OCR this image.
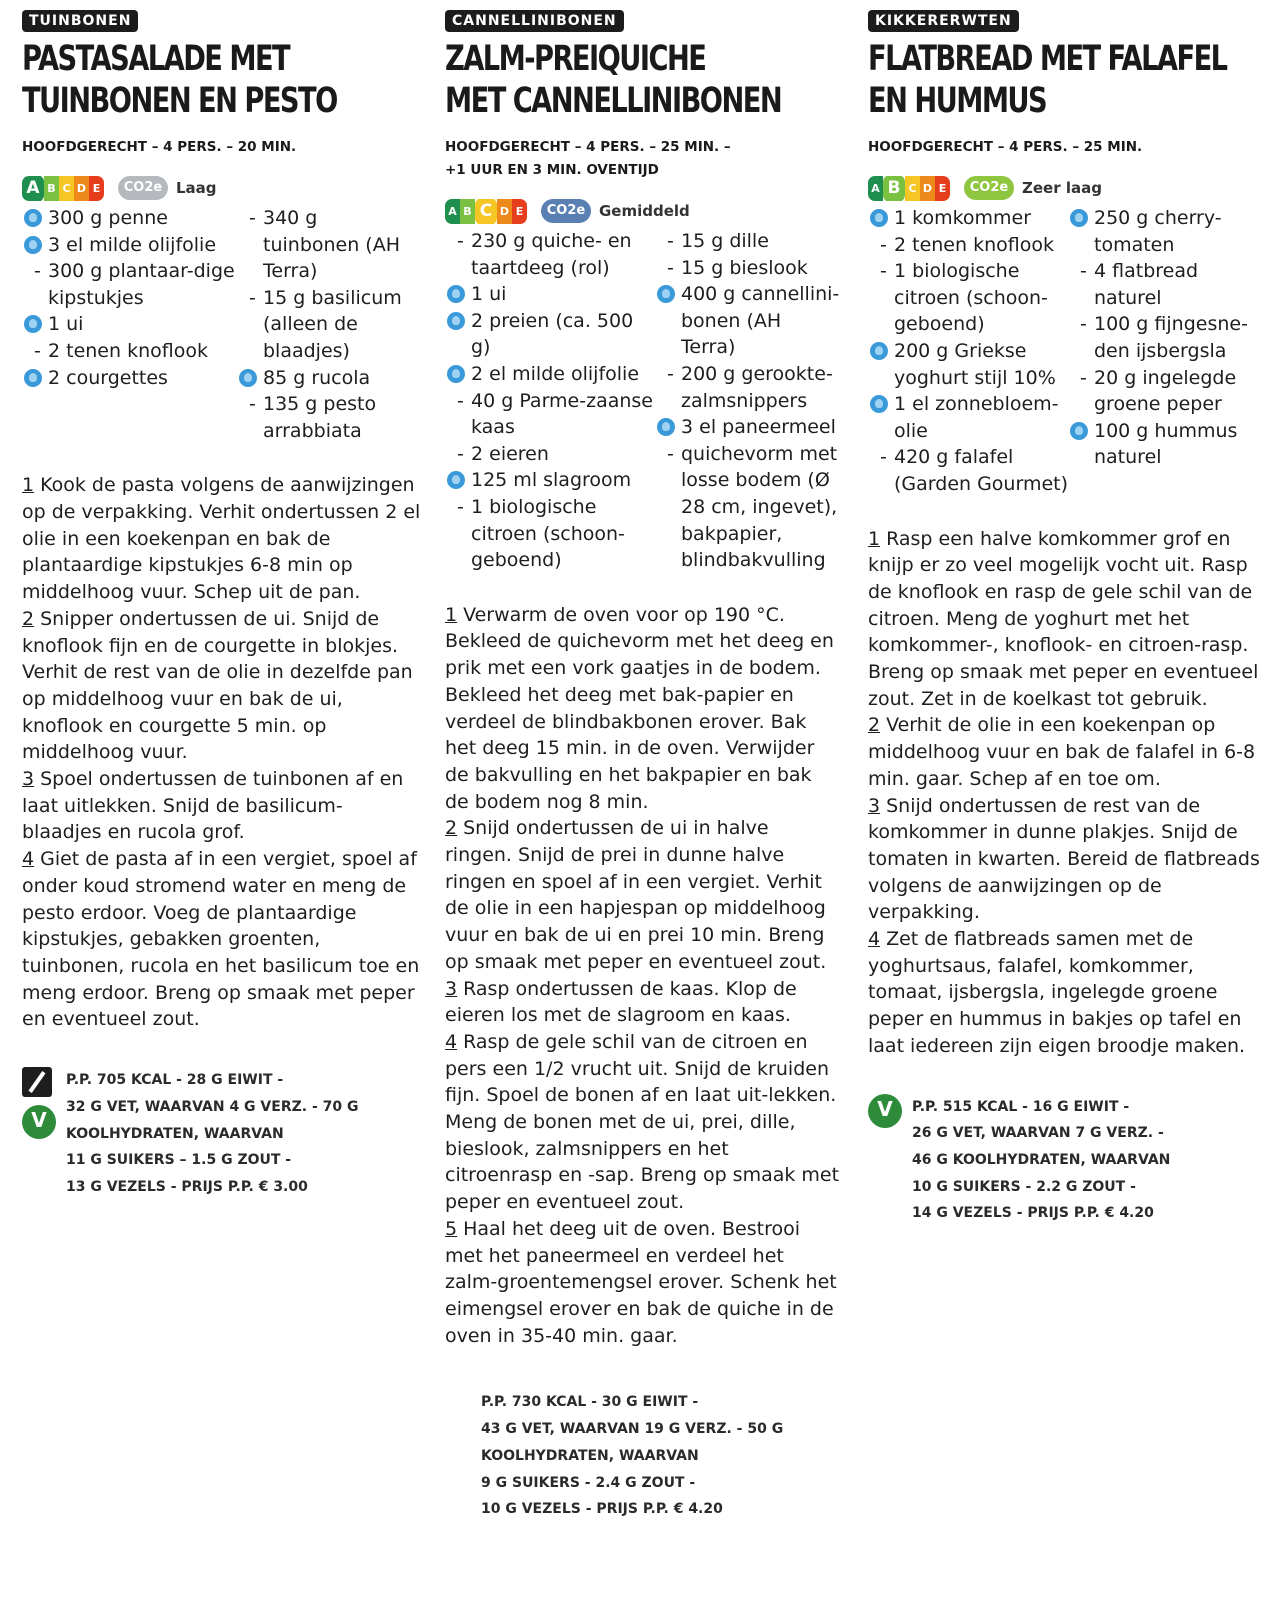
TUINBONEN
PASTASALADE MET
TUINBONEN EN PESTO
HOOFDGERECHT – 4 PERS. – 20 MIN.
A B C D E	CO2e Laag
300 g penne
3 el milde olijfolie
- 300 g plantaar-dige kipstukjes
1 ui
- 2 tenen knoflook
2 courgettes
- 340 g tuinbonen (AH Terra)
- 15 g basilicum (alleen de blaadjes)
85 g rucola
- 135 g pesto arrabbiata

1 Kook de pasta volgens de aanwijzingen op de verpakking. Verhit ondertussen 2 el olie in een koekenpan en bak de plantaardige kipstukjes 6-8 min op middelhoog vuur. Schep uit de pan.

2 Snipper ondertussen de ui. Snijd de knoflook fijn en de courgette in blokjes. Verhit de rest van de olie in dezelfde pan op middelhoog vuur en bak de ui, knoflook en courgette 5 min. op middelhoog vuur.

3 Spoel ondertussen de tuinbonen af en laat uitlekken. Snijd de basilicum-blaadjes en rucola grof.

4 Giet de pasta af in een vergiet, spoel af onder koud stromend water en meng de pesto erdoor. Voeg de plantaardige kipstukjes, gebakken groenten, tuinbonen, rucola en het basilicum toe en meng erdoor. Breng op smaak met peper en eventueel zout.

V

P.P. 705 KCAL - 28 G EIWIT -

32 G VET, WAARVAN 4 G VERZ. - 70 G

KOOLHYDRATEN, WAARVAN

11 G SUIKERS – 1.5 G ZOUT -

13 G VEZELS - PRIJS P.P. € 3.00

CANNELLINIBONEN
ZALM-PREIQUICHE
MET CANNELLINIBONEN
HOOFDGERECHT – 4 PERS. – 25 MIN. –
+1 UUR EN 3 MIN. OVENTIJD
A B C D E	CO2e Gemiddeld
- 230 g quiche- en taartdeeg (rol)
1 ui
2 preien (ca. 500 g)
2 el milde olijfolie
- 40 g Parme-zaanse kaas
- 2 eieren
125 ml slagroom
- 1 biologische citroen (schoon-geboend)
- 15 g dille
- 15 g bieslook
400 g cannellini-bonen (AH Terra)
- 200 g gerookte-zalmsnippers
3 el paneermeel
- quichevorm met losse bodem (Ø 28 cm, ingevet), bakpapier, blindbakvulling

1 Verwarm de oven voor op 190 °C. Bekleed de quichevorm met het deeg en prik met een vork gaatjes in de bodem. Bekleed het deeg met bak-papier en verdeel de blindbakbonen erover. Bak het deeg 15 min. in de oven. Verwijder de bakvulling en het bakpapier en bak de bodem nog 8 min.

2 Snijd ondertussen de ui in halve ringen. Snijd de prei in dunne halve ringen en spoel af in een vergiet. Verhit de olie in een hapjespan op middelhoog vuur en bak de ui en prei 10 min. Breng op smaak met peper en eventueel zout.

3 Rasp ondertussen de kaas. Klop de eieren los met de slagroom en kaas.

4 Rasp de gele schil van de citroen en pers een 1/2 vrucht uit. Snijd de kruiden fijn. Spoel de bonen af en laat uit-lekken. Meng de bonen met de ui, prei, dille, bieslook, zalmsnippers en het citroenrasp en -sap. Breng op smaak met peper en eventueel zout.

5 Haal het deeg uit de oven. Bestrooi met het paneermeel en verdeel het zalm-groentemengsel erover. Schenk het eimengsel erover en bak de quiche in de oven in 35-40 min. gaar.

P.P. 730 KCAL - 30 G EIWIT -

43 G VET, WAARVAN 19 G VERZ. - 50 G

KOOLHYDRATEN, WAARVAN

9 G SUIKERS - 2.4 G ZOUT -

10 G VEZELS - PRIJS P.P. € 4.20

KIKKERERWTEN
FLATBREAD MET FALAFEL
EN HUMMUS
HOOFDGERECHT – 4 PERS. – 25 MIN.
A B C D E	CO2e Zeer laag
1 komkommer
- 2 tenen knoflook
- 1 biologische citroen (schoon-geboend)
200 g Griekse yoghurt stijl 10%
1 el zonnebloem-olie
- 420 g falafel (Garden Gourmet)
250 g cherry-tomaten
- 4 flatbread naturel
- 100 g fijngesne-den ijsbergsla
- 20 g ingelegde groene peper
100 g hummus naturel

1 Rasp een halve komkommer grof en knijp er zo veel mogelijk vocht uit. Rasp de knoflook en rasp de gele schil van de citroen. Meng de yoghurt met het komkommer-, knoflook- en citroen-rasp. Breng op smaak met peper en eventueel zout. Zet in de koelkast tot gebruik.

2 Verhit de olie in een koekenpan op middelhoog vuur en bak de falafel in 6-8 min. gaar. Schep af en toe om.

3 Snijd ondertussen de rest van de komkommer in dunne plakjes. Snijd de tomaten in kwarten. Bereid de flatbreads volgens de aanwijzingen op de verpakking.

4 Zet de flatbreads samen met de yoghurtsaus, falafel, komkommer, tomaat, ijsbergsla, ingelegde groene peper en hummus in bakjes op tafel en laat iedereen zijn eigen broodje maken.

V	P.P. 515 KCAL - 16 G EIWIT -

26 G VET, WAARVAN 7 G VERZ. -

46 G KOOLHYDRATEN, WAARVAN

10 G SUIKERS - 2.2 G ZOUT -

14 G VEZELS - PRIJS P.P. € 4.20
